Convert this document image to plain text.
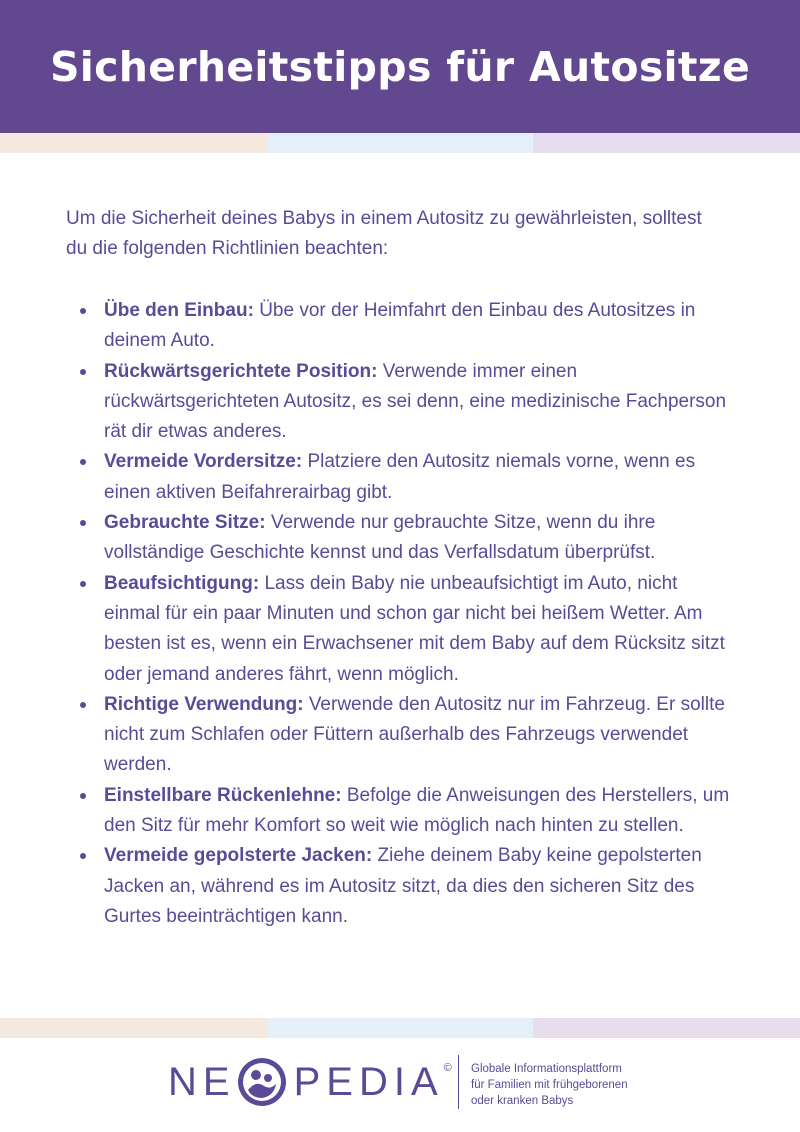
Sicherheitstipps für Autositze

Um die Sicherheit deines Babys in einem Autositz zu gewährleisten, solltest du die folgenden Richtlinien beachten:

Übe den Einbau: Übe vor der Heimfahrt den Einbau des Autositzes in deinem Auto.
Rückwärtsgerichtete Position: Verwende immer einen rückwärtsgerichteten Autositz, es sei denn, eine medizinische Fachperson rät dir etwas anderes.
Vermeide Vordersitze: Platziere den Autositz niemals vorne, wenn es einen aktiven Beifahrerairbag gibt.
Gebrauchte Sitze: Verwende nur gebrauchte Sitze, wenn du ihre vollständige Geschichte kennst und das Verfallsdatum überprüfst.
Beaufsichtigung: Lass dein Baby nie unbeaufsichtigt im Auto, nicht einmal für ein paar Minuten und schon gar nicht bei heißem Wetter. Am besten ist es, wenn ein Erwachsener mit dem Baby auf dem Rücksitz sitzt oder jemand anderes fährt, wenn möglich.
Richtige Verwendung: Verwende den Autositz nur im Fahrzeug. Er sollte nicht zum Schlafen oder Füttern außerhalb des Fahrzeugs verwendet werden.
Einstellbare Rückenlehne: Befolge die Anweisungen des Herstellers, um den Sitz für mehr Komfort so weit wie möglich nach hinten zu stellen.
Vermeide gepolsterte Jacken: Ziehe deinem Baby keine gepolsterten Jacken an, während es im Autositz sitzt, da dies den sicheren Sitz des Gurtes beeinträchtigen kann.
NE PEDIA © Globale Informationsplattform
für Familien mit frühgeborenen
oder kranken Babys
